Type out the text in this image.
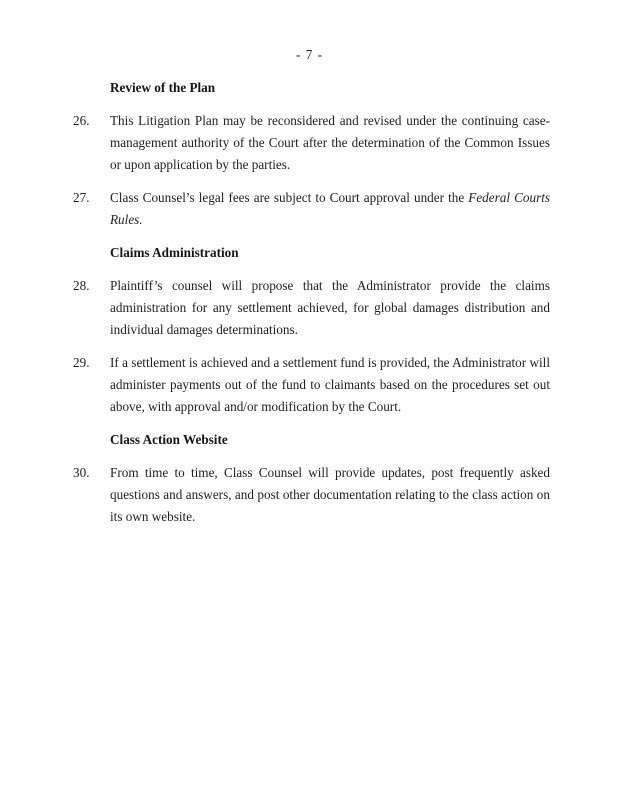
- 7 -
Review of the Plan
26.	This Litigation Plan may be reconsidered and revised under the continuing case-management authority of the Court after the determination of the Common Issues or upon application by the parties.
27.	Class Counsel’s legal fees are subject to Court approval under the Federal Courts Rules.
Claims Administration
28.	Plaintiff’s counsel will propose that the Administrator provide the claims administration for any settlement achieved, for global damages distribution and individual damages determinations.
29.	If a settlement is achieved and a settlement fund is provided, the Administrator will administer payments out of the fund to claimants based on the procedures set out above, with approval and/or modification by the Court.
Class Action Website
30.	From time to time, Class Counsel will provide updates, post frequently asked questions and answers, and post other documentation relating to the class action on its own website.
